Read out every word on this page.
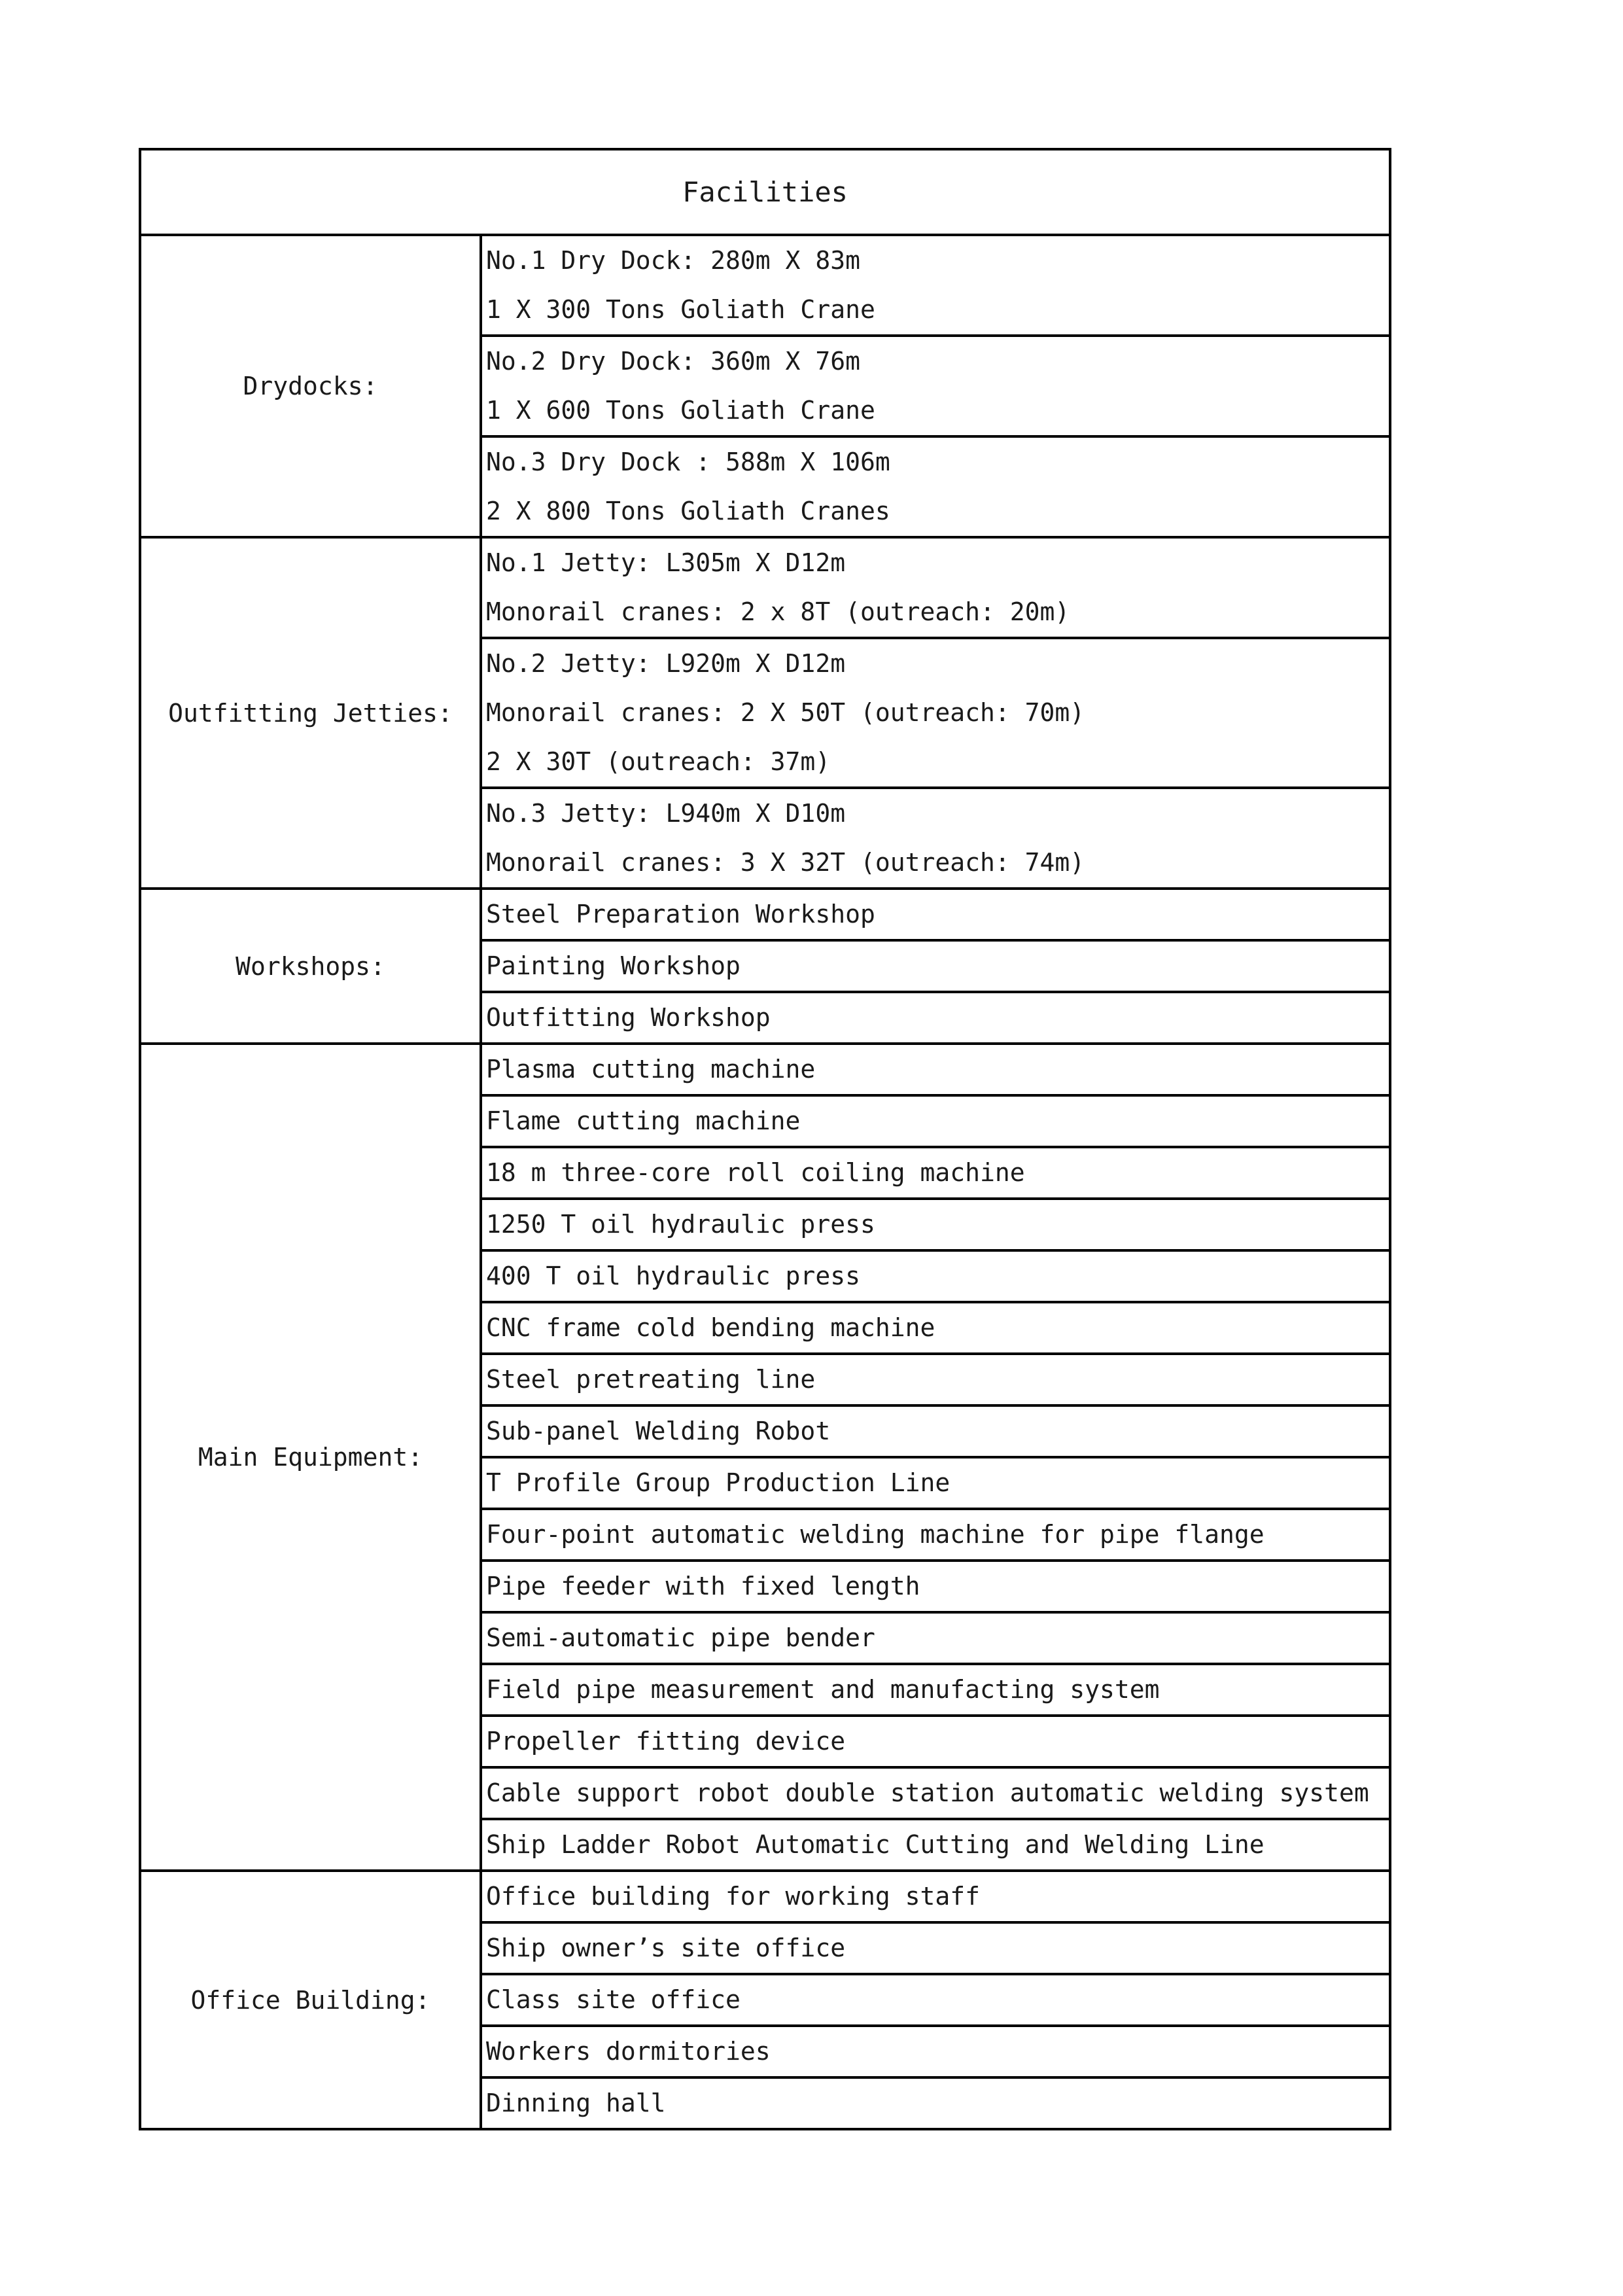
Facilities	
Drydocks:	No.1 Dry Dock: 280m X 83m
1 X 300 Tons Goliath Crane

	No.2 Dry Dock: 360m X 76m
1 X 600 Tons Goliath Crane

	No.3 Dry Dock : 588m X 106m
2 X 800 Tons Goliath Cranes

Outfitting Jetties:	No.1 Jetty: L305m X D12m
Monorail cranes: 2 x 8T (outreach: 20m)

	No.2 Jetty: L920m X D12m
Monorail cranes: 2 X 50T (outreach: 70m)
2 X 30T (outreach: 37m)

	No.3 Jetty: L940m X D10m
Monorail cranes: 3 X 32T (outreach: 74m)

Workshops:	Steel Preparation Workshop

	Painting Workshop

	Outfitting Workshop

Main Equipment:	Plasma cutting machine

	Flame cutting machine

	18 m three-core roll coiling machine

	1250 T oil hydraulic press

	400 T oil hydraulic press

	CNC frame cold bending machine

	Steel pretreating line

	Sub-panel Welding Robot

	T Profile Group Production Line

	Four-point automatic welding machine for pipe flange

	Pipe feeder with fixed length

	Semi-automatic pipe bender

	Field pipe measurement and manufacting system

	Propeller fitting device

	Cable support robot double station automatic welding system

	Ship Ladder Robot Automatic Cutting and Welding Line

Office Building:	Office building for working staff

	Ship owner’s site office

	Class site office

	Workers dormitories

	Dinning hall
